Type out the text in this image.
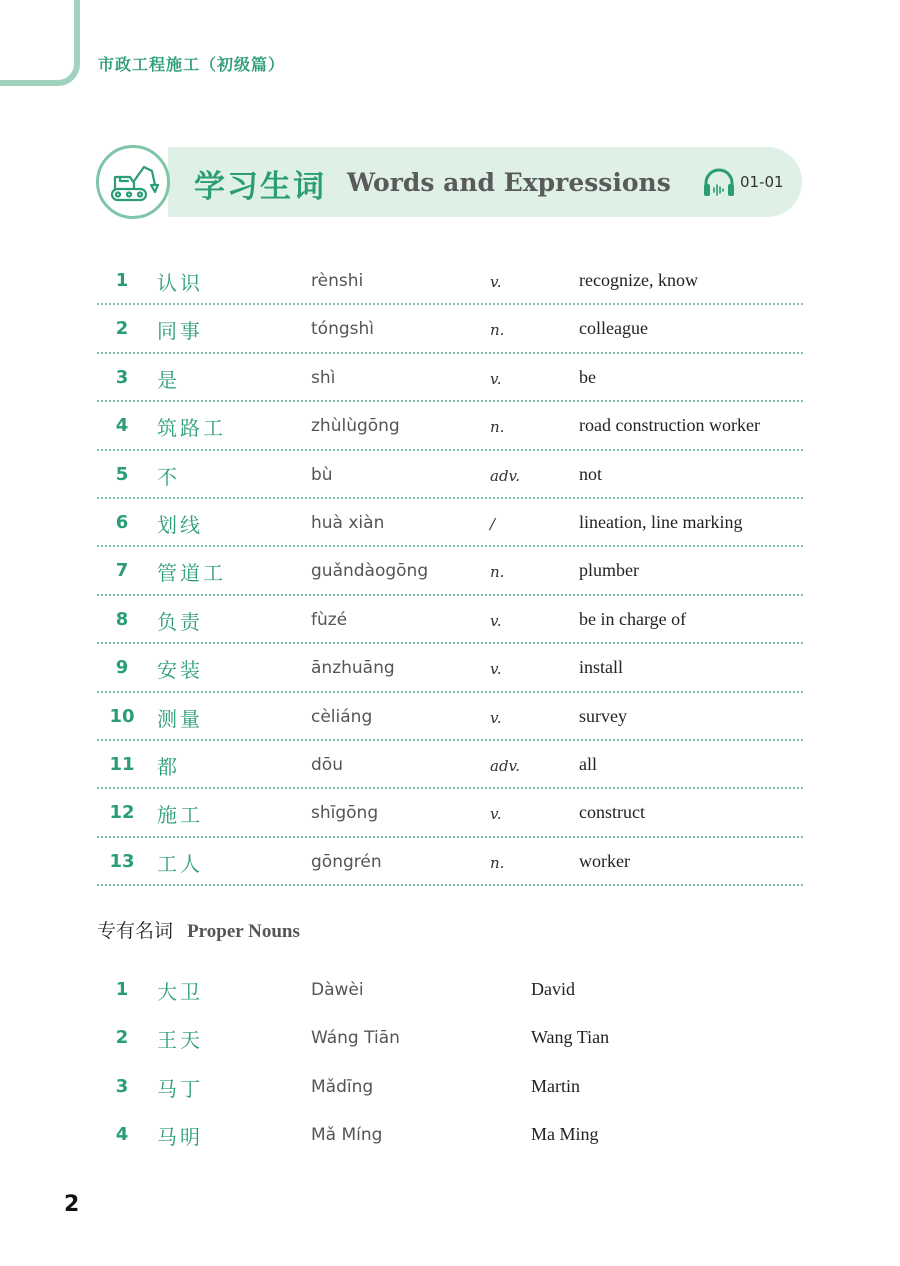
市政工程施工（初级篇）
学习生词 Words and Expressions	01-01
1	认识	rènshi	v.	recognize, know
2	同事	tóngshì	n.	colleague
3	是	shì	v.	be
4	筑路工	zhùlùgōng	n.	road construction worker
5	不	bù	adv.	not
6	划线	huà xiàn	/	lineation, line marking
7	管道工	guǎndàogōng	n.	plumber
8	负责	fùzé	v.	be in charge of
9	安装	ānzhuāng	v.	install
10	测量	cèliáng	v.	survey
11	都	dōu	adv.	all
12	施工	shīgōng	v.	construct
13	工人	gōngrén	n.	worker
专有名词 Proper Nouns
1	大卫	Dàwèi	David
2	王天	Wáng Tiān	Wang Tian
3	马丁	Mǎdīng	Martin
4	马明	Mǎ Míng	Ma Ming
2
